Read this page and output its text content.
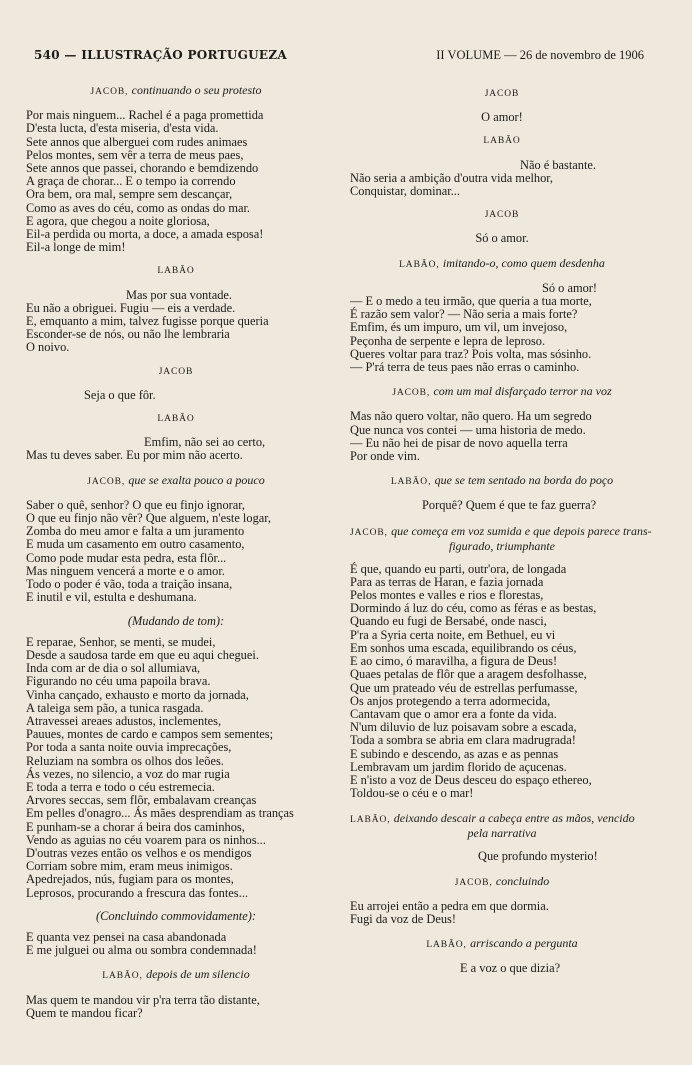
540 — ILLUSTRAÇÃO PORTUGUEZA	II VOLUME — 26 de novembro de 1906
JACOB, continuando o seu protesto
Por mais ninguem... Rachel é a paga promettida
D'esta lucta, d'esta miseria, d'esta vida.
Sete annos que alberguei com rudes animaes
Pelos montes, sem vêr a terra de meus paes,
Sete annos que passei, chorando e bemdizendo
A graça de chorar... E o tempo ia correndo
Ora bem, ora mal, sempre sem descançar,
Como as aves do céu, como as ondas do mar.
E agora, que chegou a noite gloriosa,
Eil-a perdida ou morta, a doce, a amada esposa!
Eil-a longe de mim!
LABÃO
Mas por sua vontade.
Eu não a obriguei. Fugiu — eis a verdade.
E, emquanto a mim, talvez fugisse porque queria
Esconder-se de nós, ou não lhe lembraria
O noivo.
JACOB
Seja o que fôr.
LABÃO
Emfim, não sei ao certo,
Mas tu deves saber. Eu por mim não acerto.
JACOB, que se exalta pouco a pouco
Saber o quê, senhor? O que eu finjo ignorar,
O que eu finjo não vêr? Que alguem, n'este logar,
Zomba do meu amor e falta a um juramento
E muda um casamento em outro casamento,
Como pode mudar esta pedra, esta flôr...
Mas ninguem vencerá a morte e o amor.
Todo o poder é vão, toda a traição insana,
E inutil e vil, estulta e deshumana.
(Mudando de tom):
E reparae, Senhor, se menti, se mudei,
Desde a saudosa tarde em que eu aqui cheguei.
Inda com ar de dia o sol allumiava,
Figurando no céu uma papoila brava.
Vinha cançado, exhausto e morto da jornada,
A taleiga sem pão, a tunica rasgada.
Atravessei areaes adustos, inclementes,
Pauues, montes de cardo e campos sem sementes;
Por toda a santa noite ouvia imprecações,
Reluziam na sombra os olhos dos leões.
Ás vezes, no silencio, a voz do mar rugia
E toda a terra e todo o céu estremecia.
Arvores seccas, sem flôr, embalavam creanças
Em pelles d'onagro... Ás mães desprendiam as tranças
E punham-se a chorar á beira dos caminhos,
Vendo as aguias no céu voarem para os ninhos...
D'outras vezes então os velhos e os mendigos
Corriam sobre mim, eram meus inimigos.
Apedrejados, nús, fugiam para os montes,
Leprosos, procurando a frescura das fontes...
(Concluindo commovidamente):
E quanta vez pensei na casa abandonada
E me julguei ou alma ou sombra condemnada!
LABÃO, depois de um silencio
Mas quem te mandou vir p'ra terra tão distante,
Quem te mandou ficar?
JACOB
O amor!
LABÃO
Não é bastante.
Não seria a ambição d'outra vida melhor,
Conquistar, dominar...
JACOB
Só o amor.
LABÃO, imitando-o, como quem desdenha
Só o amor!
— E o medo a teu irmão, que queria a tua morte,
É razão sem valor? — Não seria a mais forte?
Emfim, és um impuro, um vil, um invejoso,
Peçonha de serpente e lepra de leproso.
Queres voltar para traz? Pois volta, mas sósinho.
— P'rá terra de teus paes não erras o caminho.
JACOB, com um mal disfarçado terror na voz
Mas não quero voltar, não quero. Ha um segredo
Que nunca vos contei — uma historia de medo.
— Eu não hei de pisar de novo aquella terra
Por onde vim.
LABÃO, que se tem sentado na borda do poço
Porquê? Quem é que te faz guerra?
JACOB, que começa em voz sumida e que depois parece trans-
figurado, triumphante
É que, quando eu parti, outr'ora, de longada
Para as terras de Haran, e fazia jornada
Pelos montes e valles e rios e florestas,
Dormindo á luz do céu, como as féras e as bestas,
Quando eu fugi de Bersabé, onde nasci,
P'ra a Syria certa noite, em Bethuel, eu vi
Em sonhos uma escada, equilibrando os céus,
E ao cimo, ó maravilha, a figura de Deus!
Quaes petalas de flôr que a aragem desfolhasse,
Que um prateado véu de estrellas perfumasse,
Os anjos protegendo a terra adormecida,
Cantavam que o amor era a fonte da vida.
N'um diluvio de luz poisavam sobre a escada,
Toda a sombra se abria em clara madrugrada!
E subindo e descendo, as azas e as pennas
Lembravam um jardim florido de açucenas.
E n'isto a voz de Deus desceu do espaço ethereo,
Toldou-se o céu e o mar!
LABÃO, deixando descair a cabeça entre as mãos, vencido
pela narrativa
Que profundo mysterio!
JACOB, concluindo
Eu arrojei então a pedra em que dormia.
Fugi da voz de Deus!
LABÃO, arriscando a pergunta
E a voz o que dizia?
